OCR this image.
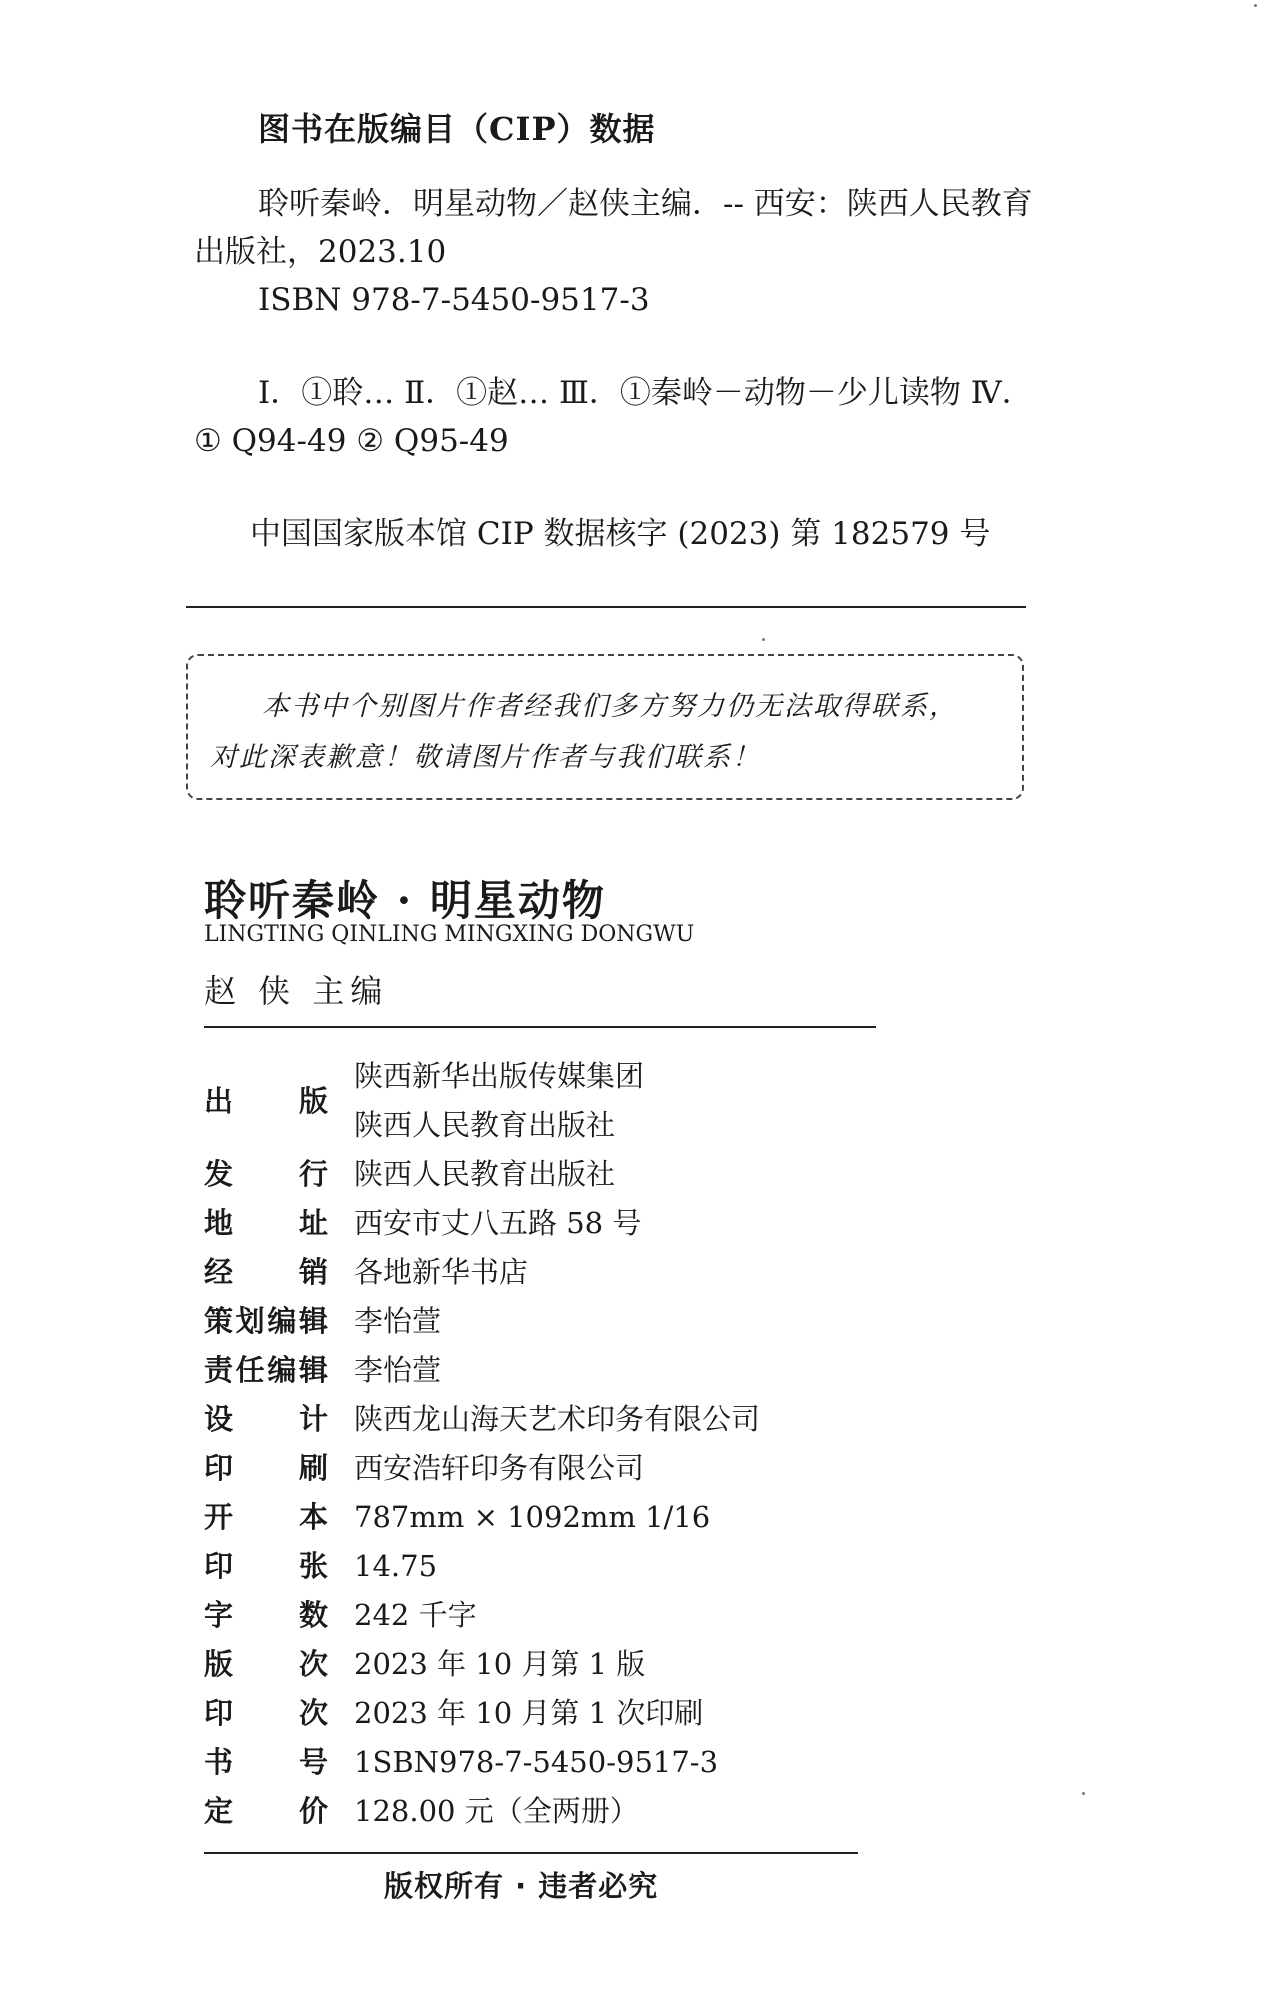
图书在版编目（CIP）数据
聆听秦岭．明星动物／赵侠主编．-- 西安：陕西人民教育
出版社，2023.10
ISBN 978-7-5450-9517-3
Ⅰ．①聆… Ⅱ．①赵… Ⅲ．①秦岭－动物－少儿读物 Ⅳ．
① Q94-49 ② Q95-49
中国国家版本馆 CIP 数据核字 (2023) 第 182579 号
本书中个别图片作者经我们多方努力仍无法取得联系，
对此深表歉意！敬请图片作者与我们联系！
聆听秦岭 · 明星动物
LINGTING QINLING MINGXING DONGWU
赵 侠 主编
出 版
陕西新华出版传媒集团
陕西人民教育出版社
发 行 陕西人民教育出版社
地 址 西安市丈八五路 58 号
经 销 各地新华书店
策 划 编 辑 李怡萱
责 任 编 辑 李怡萱
设 计 陕西龙山海天艺术印务有限公司
印 刷 西安浩轩印务有限公司
开 本 787mm × 1092mm 1/16
印 张 14.75
字 数 242 千字
版 次 2023 年 10 月第 1 版
印 次 2023 年 10 月第 1 次印刷
书 号 1SBN978-7-5450-9517-3
定 价 128.00 元（全两册）
版权所有 · 违者必究
